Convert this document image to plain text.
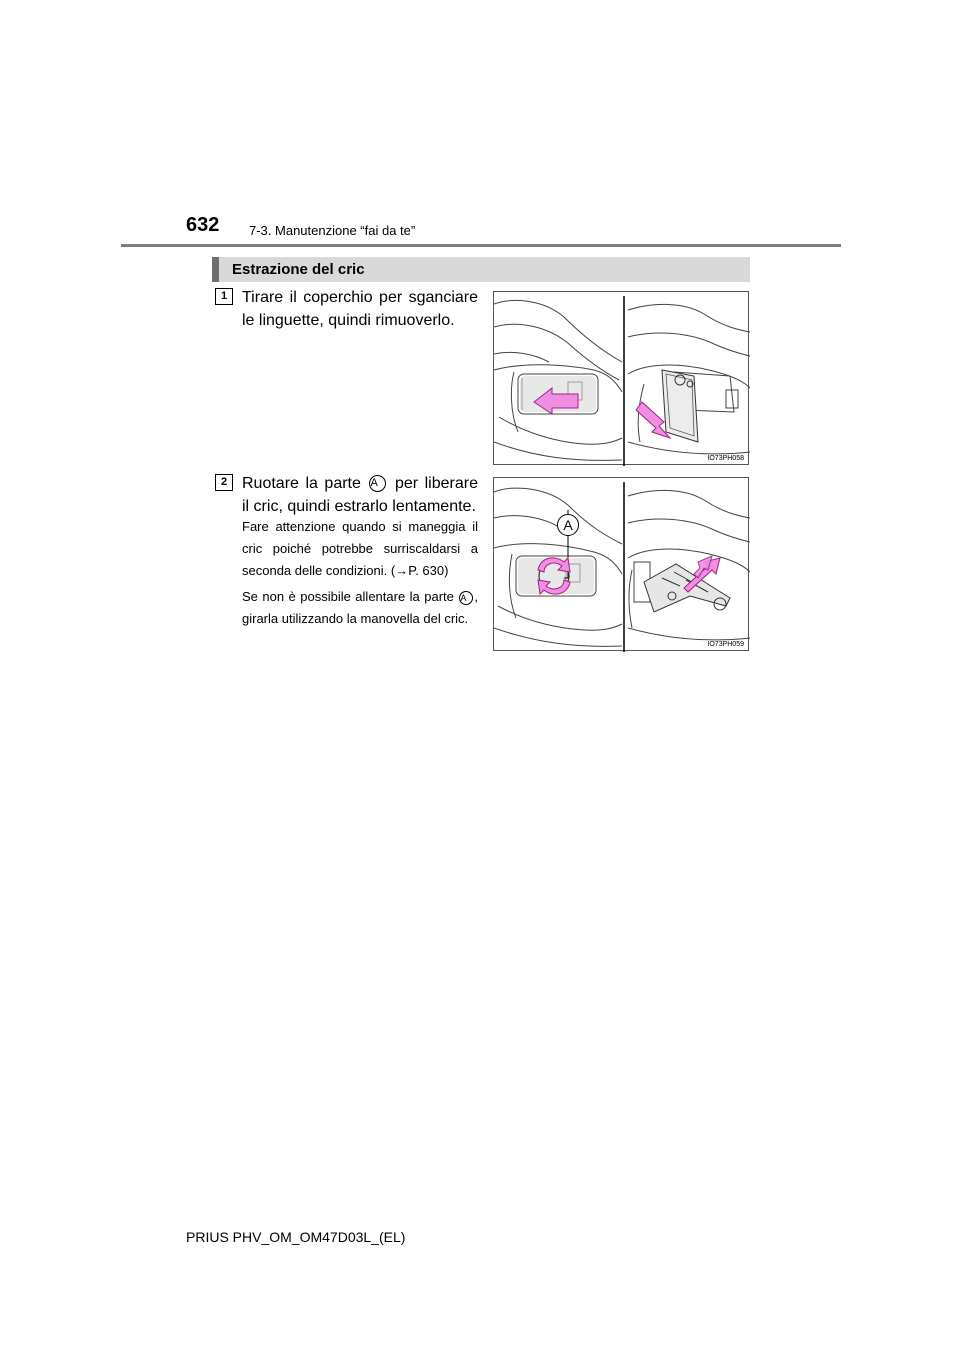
632 7-3. Manutenzione “fai da te”
Estrazione del cric
1 Tirare il coperchio per sganciare le linguette, quindi rimuoverlo.
IO73PH058
2 Ruotare la parte A per liberare il cric, quindi estrarlo lentamente.
Fare attenzione quando si maneggia il cric poiché potrebbe surriscaldarsi a seconda delle condizioni. (→P. 630)
Se non è possibile allentare la parte A , girarla utilizzando la manovella del cric.
A
IO73PH059
PRIUS PHV_OM_OM47D03L_(EL)
